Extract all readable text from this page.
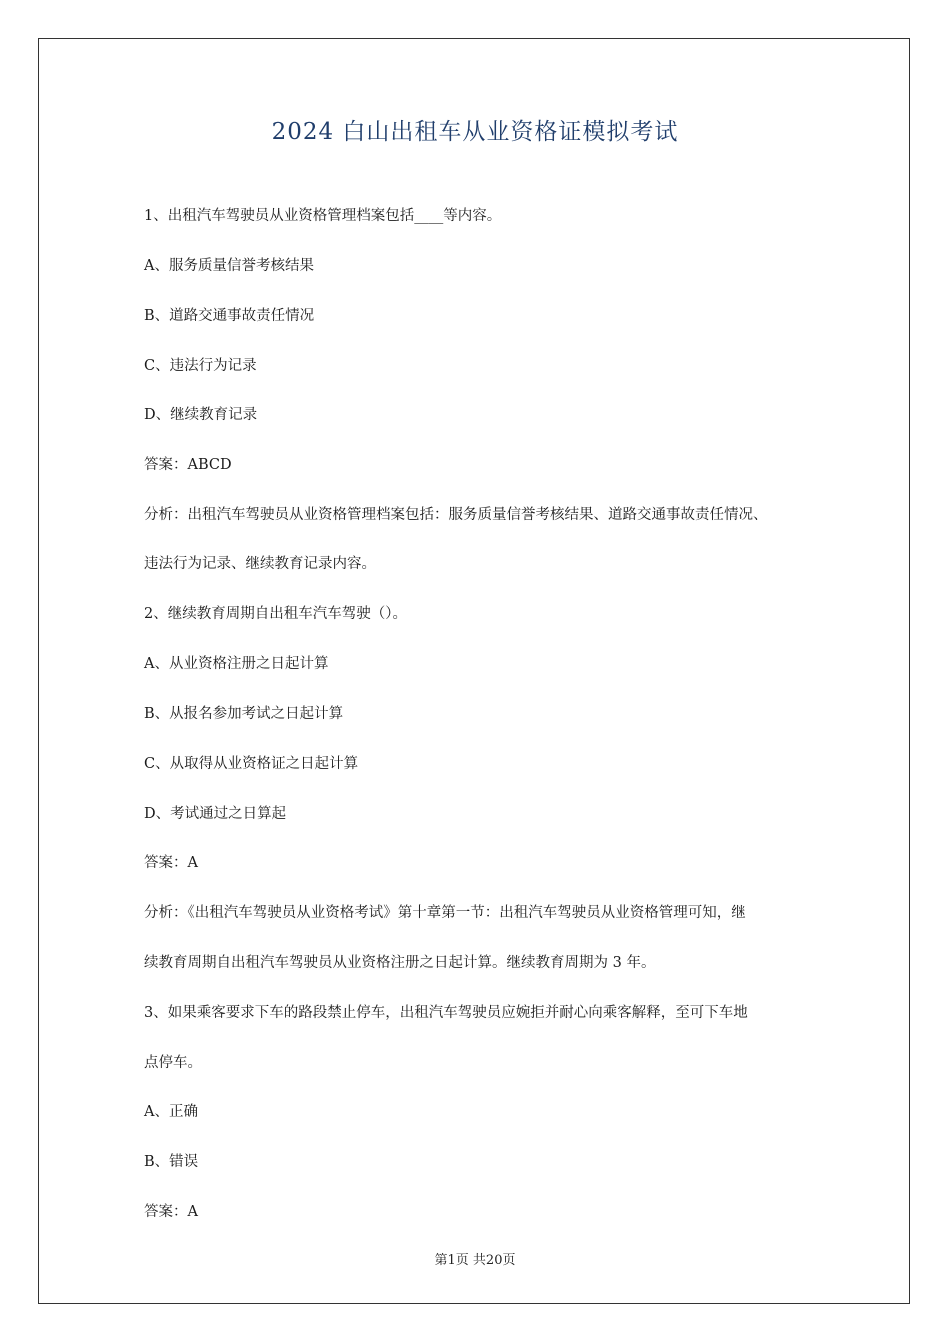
2024 白山出租车从业资格证模拟考试
1、出租汽车驾驶员从业资格管理档案包括____等内容。
A、服务质量信誉考核结果
B、道路交通事故责任情况
C、违法行为记录
D、继续教育记录
答案：ABCD
分析：出租汽车驾驶员从业资格管理档案包括：服务质量信誉考核结果、道路交通事故责任情况、
违法行为记录、继续教育记录内容。
2、继续教育周期自出租车汽车驾驶（）。
A、从业资格注册之日起计算
B、从报名参加考试之日起计算
C、从取得从业资格证之日起计算
D、考试通过之日算起
答案：A
分析：《出租汽车驾驶员从业资格考试》第十章第一节：出租汽车驾驶员从业资格管理可知，继
续教育周期自出租汽车驾驶员从业资格注册之日起计算。继续教育周期为 3 年。
3、如果乘客要求下车的路段禁止停车，出租汽车驾驶员应婉拒并耐心向乘客解释，至可下车地
点停车。
A、正确
B、错误
答案：A
第1页 共20页
